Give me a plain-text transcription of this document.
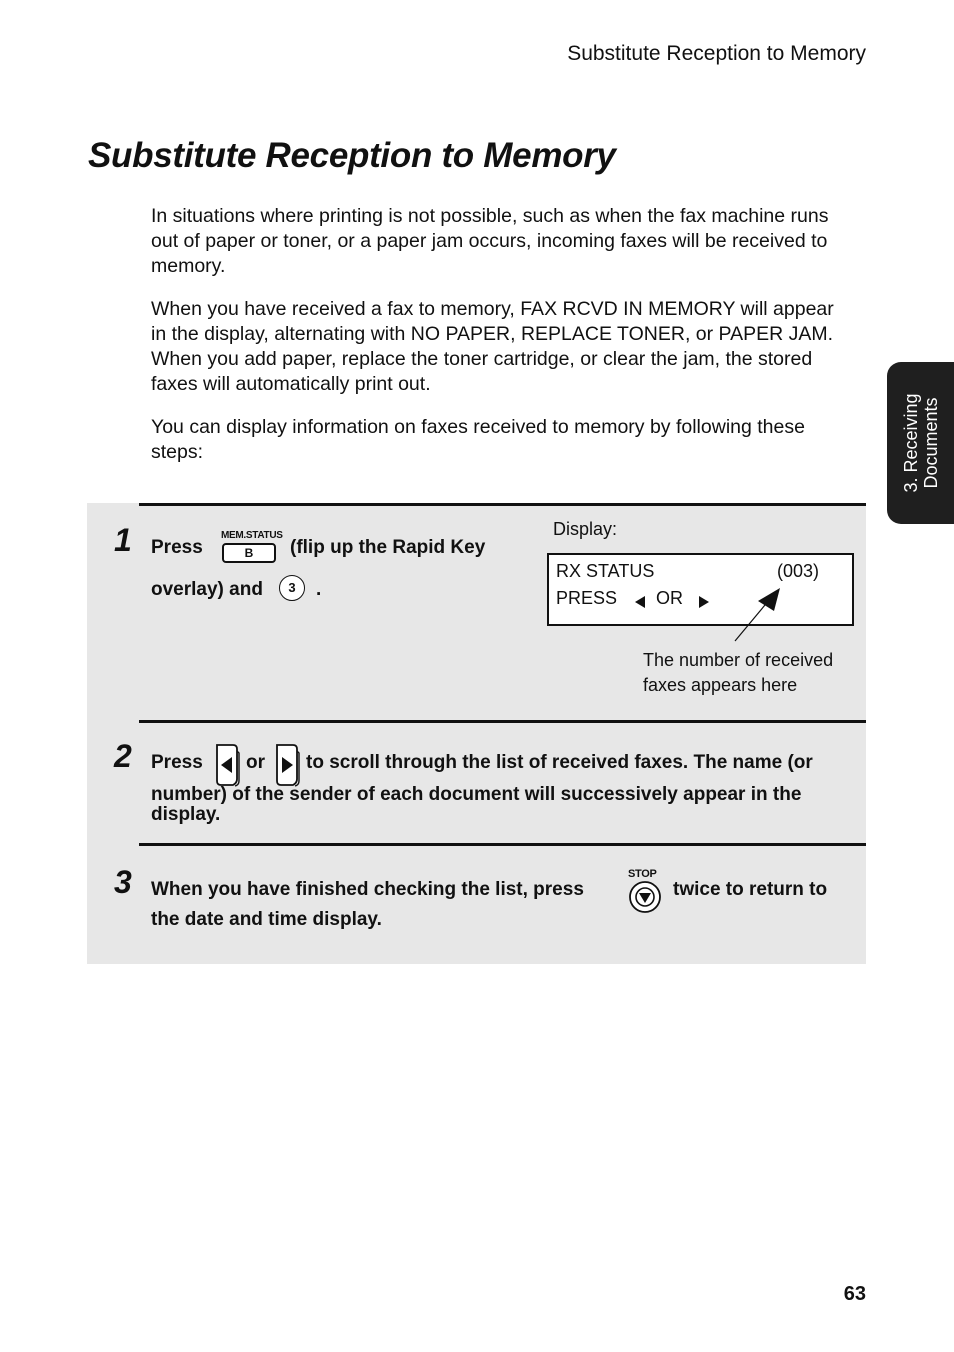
Substitute Reception to Memory
Substitute Reception to Memory

In situations where printing is not possible, such as when the fax machine runs out of paper or toner, or a paper jam occurs, incoming faxes will be received to memory.

When you have received a fax to memory, FAX RCVD IN MEMORY will appear in the display, alternating with NO PAPER, REPLACE TONER, or PAPER JAM. When you add paper, replace the toner cartridge, or clear the jam, the stored faxes will automatically print out.

You can display information on faxes received to memory by following these steps:	3. Receiving Documents
1 Press
MEM.STATUS
B	(flip up the Rapid Key
overlay) and	3	.
Display:
RX STATUS	(003)
PRESS OR
The number of received
faxes appears here
2 Press or to scroll through the list of received faxes. The name (or
number) of the sender of each document will successively appear in the
display.
3 When you have finished checking the list, press
STOP
twice to return to
the date and time display.
63
